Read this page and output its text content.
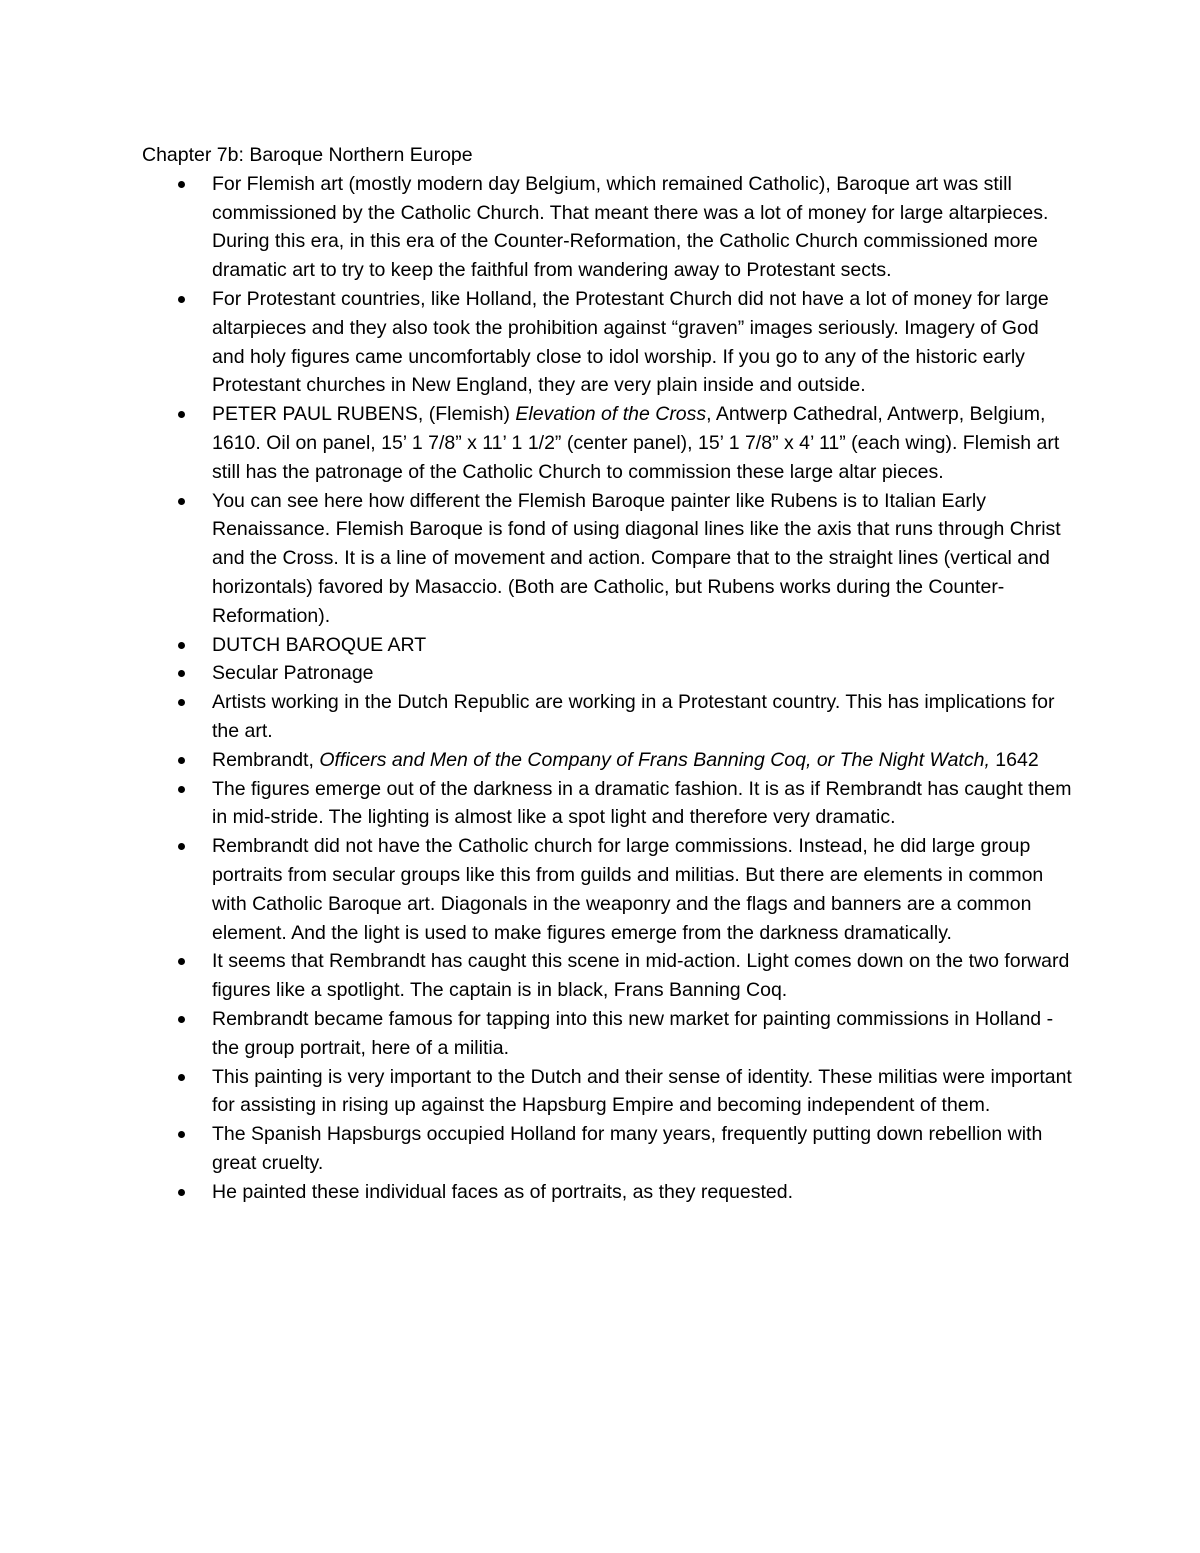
Chapter 7b: Baroque Northern Europe
For Flemish art (mostly modern day Belgium, which remained Catholic), Baroque art was still commissioned by the Catholic Church. That meant there was a lot of money for large altarpieces. During this era, in this era of the Counter-Reformation, the Catholic Church commissioned more dramatic art to try to keep the faithful from wandering away to Protestant sects.
For Protestant countries, like Holland, the Protestant Church did not have a lot of money for large altarpieces and they also took the prohibition against “graven” images seriously. Imagery of God and holy figures came uncomfortably close to idol worship. If you go to any of the historic early Protestant churches in New England, they are very plain inside and outside.
PETER PAUL RUBENS, (Flemish) Elevation of the Cross, Antwerp Cathedral, Antwerp, Belgium, 1610. Oil on panel, 15’ 1 7/8” x 11’ 1 1/2” (center panel), 15’ 1 7/8” x 4’ 11” (each wing). Flemish art still has the patronage of the Catholic Church to commission these large altar pieces.
You can see here how different the Flemish Baroque painter like Rubens is to Italian Early Renaissance. Flemish Baroque is fond of using diagonal lines like the axis that runs through Christ and the Cross. It is a line of movement and action. Compare that to the straight lines (vertical and horizontals) favored by Masaccio. (Both are Catholic, but Rubens works during the Counter-Reformation).
DUTCH BAROQUE ART
Secular Patronage
Artists working in the Dutch Republic are working in a Protestant country. This has implications for the art.
Rembrandt, Officers and Men of the Company of Frans Banning Coq, or The Night Watch, 1642
The figures emerge out of the darkness in a dramatic fashion. It is as if Rembrandt has caught them in mid-stride. The lighting is almost like a spot light and therefore very dramatic.
Rembrandt did not have the Catholic church for large commissions. Instead, he did large group portraits from secular groups like this from guilds and militias. But there are elements in common with Catholic Baroque art. Diagonals in the weaponry and the flags and banners are a common element. And the light is used to make figures emerge from the darkness dramatically.
It seems that Rembrandt has caught this scene in mid-action. Light comes down on the two forward figures like a spotlight. The captain is in black, Frans Banning Coq.
Rembrandt became famous for tapping into this new market for painting commissions in Holland - the group portrait, here of a militia.
This painting is very important to the Dutch and their sense of identity. These militias were important for assisting in rising up against the Hapsburg Empire and becoming independent of them.
The Spanish Hapsburgs occupied Holland for many years, frequently putting down rebellion with great cruelty.
He painted these individual faces as of portraits, as they requested.
